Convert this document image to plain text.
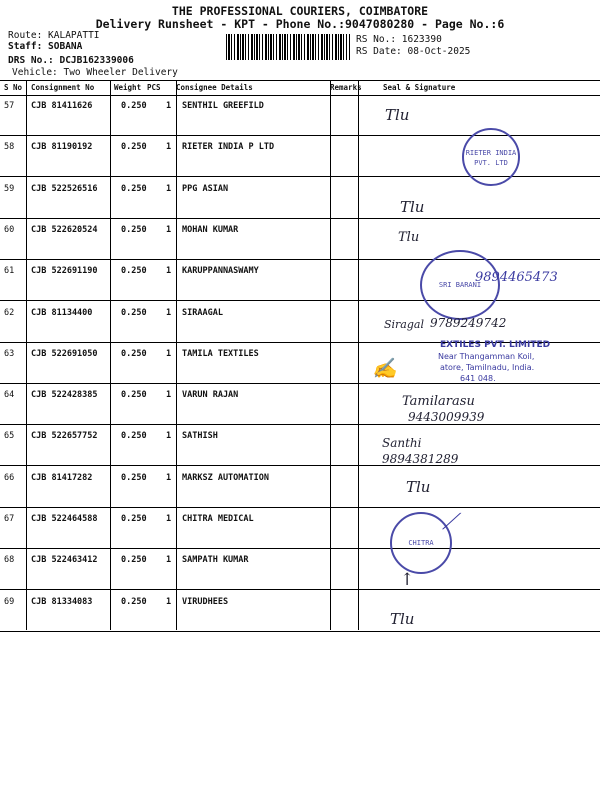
THE PROFESSIONAL COURIERS, COIMBATORE
Delivery Runsheet - KPT - Phone No.:9047080280 - Page No.:6
Route: KALAPATTI
Staff: SOBANA
DRS No.: DCJB162339006
Vehicle: Two Wheeler Delivery
RS No.: 1623390
RS Date: 08-Oct-2025
S No Consignment No	Weight PCS Consignee Details	Remarks	Seal & Signature
57 CJB 81411626	0.250 1 SENTHIL GREEFILD
58 CJB 81190192	0.250 1 RIETER INDIA P LTD
59 CJB 522526516	0.250 1 PPG ASIAN
60 CJB 522620524	0.250 1 MOHAN KUMAR
61 CJB 522691190	0.250 1 KARUPPANNASWAMY
62 CJB 81134400	0.250 1 SIRAAGAL
63 CJB 522691050	0.250 1 TAMILA TEXTILES
64 CJB 522428385	0.250 1 VARUN RAJAN
65 CJB 522657752	0.250 1 SATHISH
66 CJB 81417282	0.250 1 MARKSZ AUTOMATION
67 CJB 522464588	0.250 1 CHITRA MEDICAL
68 CJB 522463412	0.250 1 SAMPATH KUMAR
69 CJB 81334083	0.250 1 VIRUDHEES
Tlu
RIETER INDIA PVT. LTD
Tlu
Tlu
SRI BARANI
9894465473
Siragal 9789249742
✍
EXTILES PVT. LIMITED
Near Thangamman Koil,
atore, Tamilnadu, India.
641 048.
Tamilarasu
9443009939
Santhi
9894381289
Tlu
CHITRA
⟋
↑
Tlu
